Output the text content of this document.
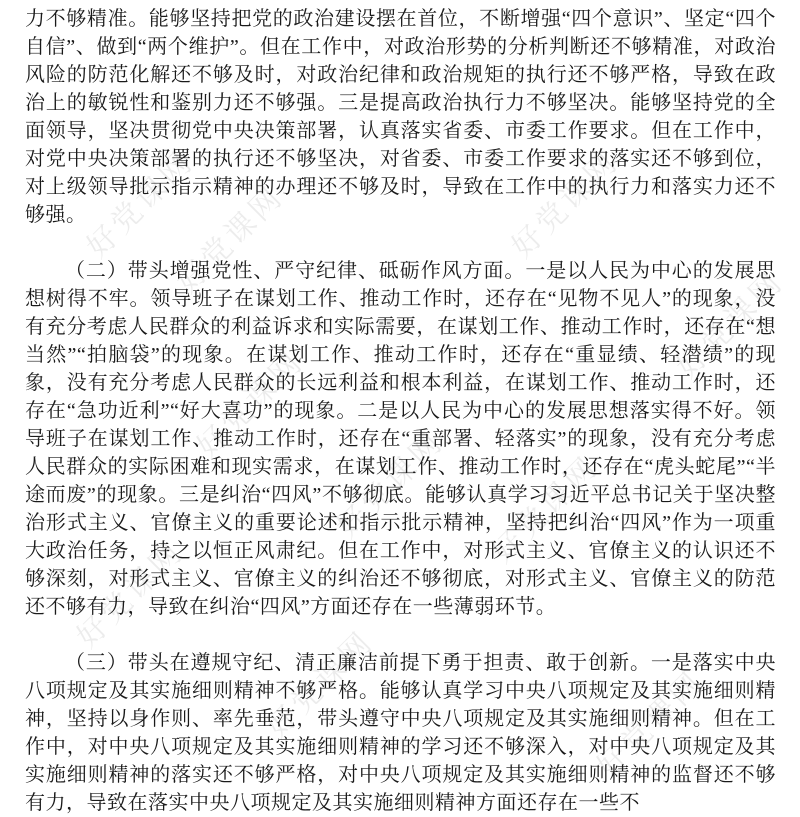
好党课网
好党课网	好党课网
好党课网
好党课网
好党课网 好党课网
好党课网
好党课网	好党课网

力不够精准。能够坚持把党的政治建设摆在首位，不断增强“四个意识”、坚定“四个自信”、做到“两个维护”。但在工作中，对政治形势的分析判断还不够精准，对政治风险的防范化解还不够及时，对政治纪律和政治规矩的执行还不够严格，导致在政治上的敏锐性和鉴别力还不够强。三是提高政治执行力不够坚决。能够坚持党的全面领导，坚决贯彻党中央决策部署，认真落实省委、市委工作要求。但在工作中，对党中央决策部署的执行还不够坚决，对省委、市委工作要求的落实还不够到位，对上级领导批示指示精神的办理还不够及时，导致在工作中的执行力和落实力还不够强。

（二）带头增强党性、严守纪律、砥砺作风方面。一是以人民为中心的发展思想树得不牢。领导班子在谋划工作、推动工作时，还存在“见物不见人”的现象，没有充分考虑人民群众的利益诉求和实际需要，在谋划工作、推动工作时，还存在“想当然”“拍脑袋”的现象。在谋划工作、推动工作时，还存在“重显绩、轻潜绩”的现象，没有充分考虑人民群众的长远利益和根本利益，在谋划工作、推动工作时，还存在“急功近利”“好大喜功”的现象。二是以人民为中心的发展思想落实得不好。领导班子在谋划工作、推动工作时，还存在“重部署、轻落实”的现象，没有充分考虑人民群众的实际困难和现实需求，在谋划工作、推动工作时，还存在“虎头蛇尾”“半途而废”的现象。三是纠治“四风”不够彻底。能够认真学习习近平总书记关于坚决整治形式主义、官僚主义的重要论述和指示批示精神，坚持把纠治“四风”作为一项重大政治任务，持之以恒正风肃纪。但在工作中，对形式主义、官僚主义的认识还不够深刻，对形式主义、官僚主义的纠治还不够彻底，对形式主义、官僚主义的防范还不够有力，导致在纠治“四风”方面还存在一些薄弱环节。

（三）带头在遵规守纪、清正廉洁前提下勇于担责、敢于创新。一是落实中央八项规定及其实施细则精神不够严格。能够认真学习中央八项规定及其实施细则精神，坚持以身作则、率先垂范，带头遵守中央八项规定及其实施细则精神。但在工作中，对中央八项规定及其实施细则精神的学习还不够深入，对中央八项规定及其实施细则精神的落实还不够严格，对中央八项规定及其实施细则精神的监督还不够有力，导致在落实中央八项规定及其实施细则精神方面还存在一些不
